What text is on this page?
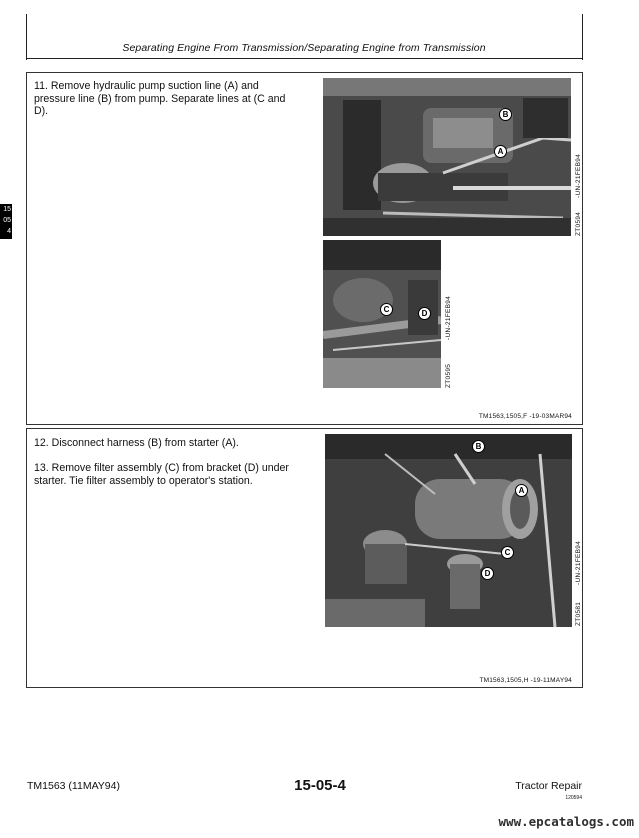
Separating Engine From Transmission/Separating Engine from Transmission
15
05
4
11. Remove hydraulic pump suction line (A) and pressure line (B) from pump. Separate lines at (C and D).	B
A
-UN-21FEB94
ZT0594
C	D	-UN-21FEB94
ZT0595
TM1563,1505,F -19-03MAR94
12. Disconnect harness (B) from starter (A).
13. Remove filter assembly (C) from bracket (D) under starter. Tie filter assembly to operator's station.
B
A
C
D	-UN-21FEB94
ZT0581
TM1563,1505,H -19-11MAY94
TM1563 (11MAY94)	15-05-4	Tractor Repair
120594
www.epcatalogs.com
